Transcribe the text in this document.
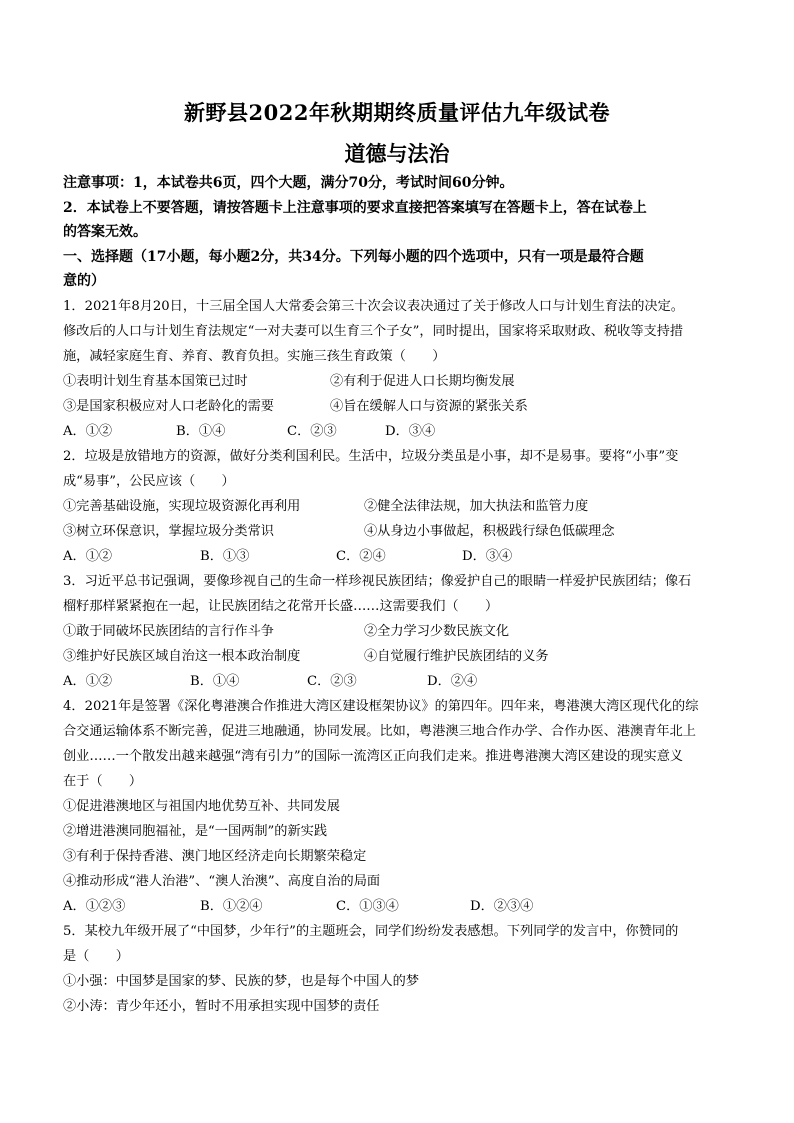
新野县2022年秋期期终质量评估九年级试卷
道德与法治
注意事项：1，本试卷共6页，四个大题，满分70分，考试时间60分钟。
2．本试卷上不要答题，请按答题卡上注意事项的要求直接把答案填写在答题卡上，答在试卷上
的答案无效。
一、选择题（17小题，每小题2分，共34分。下列每小题的四个选项中，只有一项是最符合题
意的）
1．2021年8月20日，十三届全国人大常委会第三十次会议表决通过了关于修改人口与计划生育法的决定。
修改后的人口与计划生育法规定“一对夫妻可以生育三个子女”，同时提出，国家将采取财政、税收等支持措
施，减轻家庭生育、养育、教育负担。实施三孩生育政策（　　）
①表明计划生育基本国策已过时	②有利于促进人口长期均衡发展
③是国家积极应对人口老龄化的需要	④旨在缓解人口与资源的紧张关系
A．①②	B．①④	C．②③	D．③④
2．垃圾是放错地方的资源，做好分类利国利民。生活中，垃圾分类虽是小事，却不是易事。要将“小事”变
成“易事”，公民应该（　　）
①完善基础设施，实现垃圾资源化再利用	②健全法律法规，加大执法和监管力度
③树立环保意识，掌握垃圾分类常识	④从身边小事做起，积极践行绿色低碳理念
A．①②	B．①③	C．②④	D．③④
3．习近平总书记强调，要像珍视自己的生命一样珍视民族团结；像爱护自己的眼睛一样爱护民族团结；像石
榴籽那样紧紧抱在一起，让民族团结之花常开长盛……这需要我们（　　）
①敢于同破坏民族团结的言行作斗争	②全力学习少数民族文化
③维护好民族区域自治这一根本政治制度	④自觉履行维护民族团结的义务
A．①②	B．①④	C．②③	D．②④
4．2021年是签署《深化粤港澳合作推进大湾区建设框架协议》的第四年。四年来，粤港澳大湾区现代化的综
合交通运输体系不断完善，促进三地融通，协同发展。比如，粤港澳三地合作办学、合作办医、港澳青年北上
创业……一个散发出越来越强“湾有引力”的国际一流湾区正向我们走来。推进粤港澳大湾区建设的现实意义
在于（　　）
①促进港澳地区与祖国内地优势互补、共同发展
②增进港澳同胞福祉，是“一国两制”的新实践
③有利于保持香港、澳门地区经济走向长期繁荣稳定
④推动形成“港人治港”、“澳人治澳”、高度自治的局面
A．①②③	B．①②④	C．①③④	D．②③④
5．某校九年级开展了“中国梦，少年行”的主题班会，同学们纷纷发表感想。下列同学的发言中，你赞同的
是（　　）
①小强：中国梦是国家的梦、民族的梦，也是每个中国人的梦
②小涛：青少年还小，暂时不用承担实现中国梦的责任
